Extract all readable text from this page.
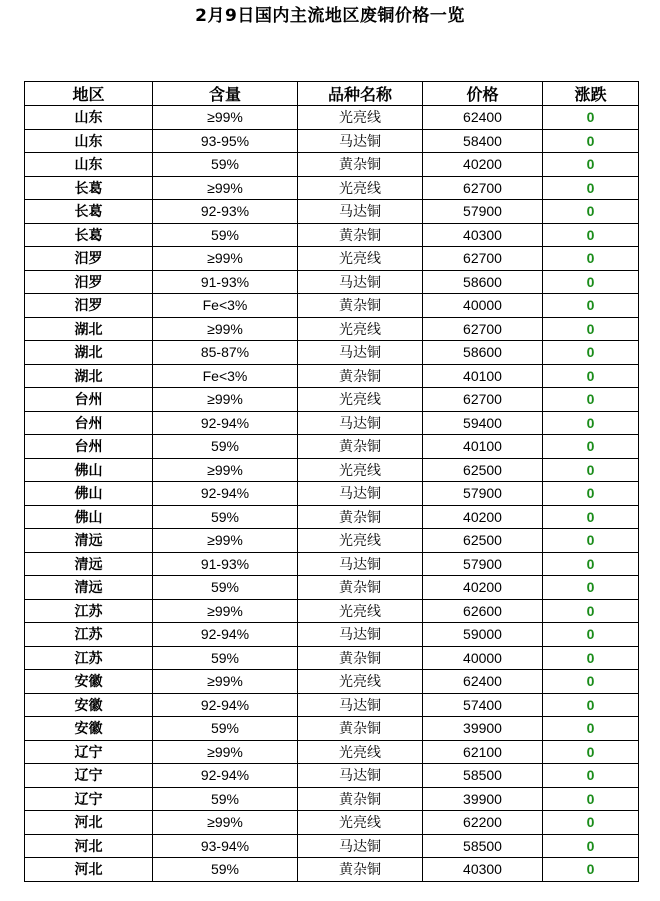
2月9日国内主流地区废铜价格一览
地区	含量	品种名称	价格	涨跌
山东	≥99%	光亮线	62400	0
山东	93-95%	马达铜	58400	0
山东	59%	黄杂铜	40200	0
长葛	≥99%	光亮线	62700	0
长葛	92-93%	马达铜	57900	0
长葛	59%	黄杂铜	40300	0
汨罗	≥99%	光亮线	62700	0
汨罗	91-93%	马达铜	58600	0
汨罗	Fe<3%	黄杂铜	40000	0
湖北	≥99%	光亮线	62700	0
湖北	85-87%	马达铜	58600	0
湖北	Fe<3%	黄杂铜	40100	0
台州	≥99%	光亮线	62700	0
台州	92-94%	马达铜	59400	0
台州	59%	黄杂铜	40100	0
佛山	≥99%	光亮线	62500	0
佛山	92-94%	马达铜	57900	0
佛山	59%	黄杂铜	40200	0
清远	≥99%	光亮线	62500	0
清远	91-93%	马达铜	57900	0
清远	59%	黄杂铜	40200	0
江苏	≥99%	光亮线	62600	0
江苏	92-94%	马达铜	59000	0
江苏	59%	黄杂铜	40000	0
安徽	≥99%	光亮线	62400	0
安徽	92-94%	马达铜	57400	0
安徽	59%	黄杂铜	39900	0
辽宁	≥99%	光亮线	62100	0
辽宁	92-94%	马达铜	58500	0
辽宁	59%	黄杂铜	39900	0
河北	≥99%	光亮线	62200	0
河北	93-94%	马达铜	58500	0
河北	59%	黄杂铜	40300	0
